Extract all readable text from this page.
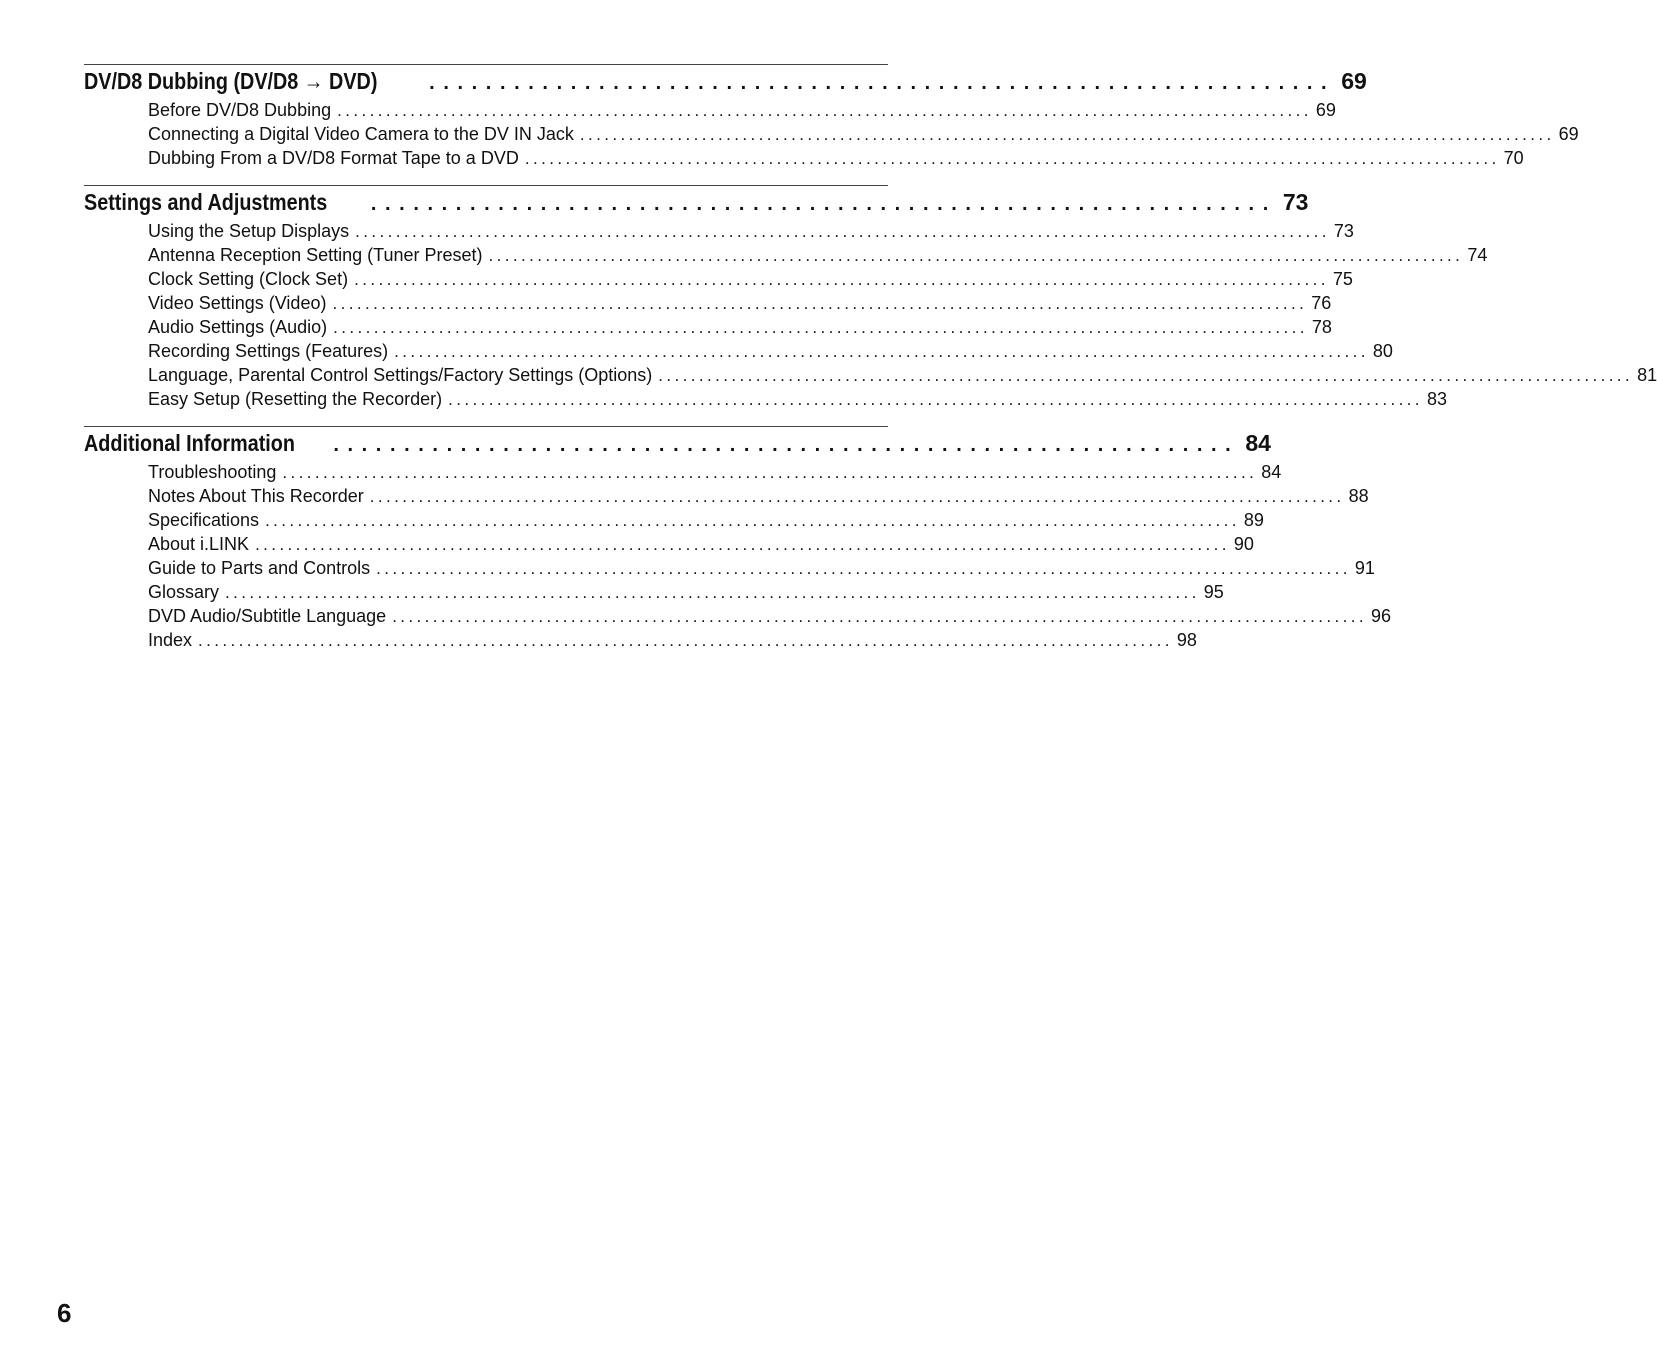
DV/D8 Dubbing (DV/D8 → DVD)	................................................................ 69
Before DV/D8 Dubbing ........................................................................................................................ 69
Connecting a Digital Video Camera to the DV IN Jack ........................................................................................................................ 69
Dubbing From a DV/D8 Format Tape to a DVD ........................................................................................................................ 70
Settings and Adjustments ................................................................ 73
Using the Setup Displays ........................................................................................................................ 73
Antenna Reception Setting (Tuner Preset) ........................................................................................................................ 74
Clock Setting (Clock Set) ........................................................................................................................ 75
Video Settings (Video) ........................................................................................................................ 76
Audio Settings (Audio) ........................................................................................................................ 78
Recording Settings (Features) ........................................................................................................................ 80
Language, Parental Control Settings/Factory Settings (Options) ........................................................................................................................ 81
Easy Setup (Resetting the Recorder) ........................................................................................................................ 83
Additional Information ................................................................ 84
Troubleshooting ........................................................................................................................ 84
Notes About This Recorder ........................................................................................................................ 88
Specifications ........................................................................................................................ 89
About i.LINK ........................................................................................................................ 90
Guide to Parts and Controls ........................................................................................................................ 91
Glossary ........................................................................................................................ 95
DVD Audio/Subtitle Language ........................................................................................................................ 96
Index ........................................................................................................................ 98
6
